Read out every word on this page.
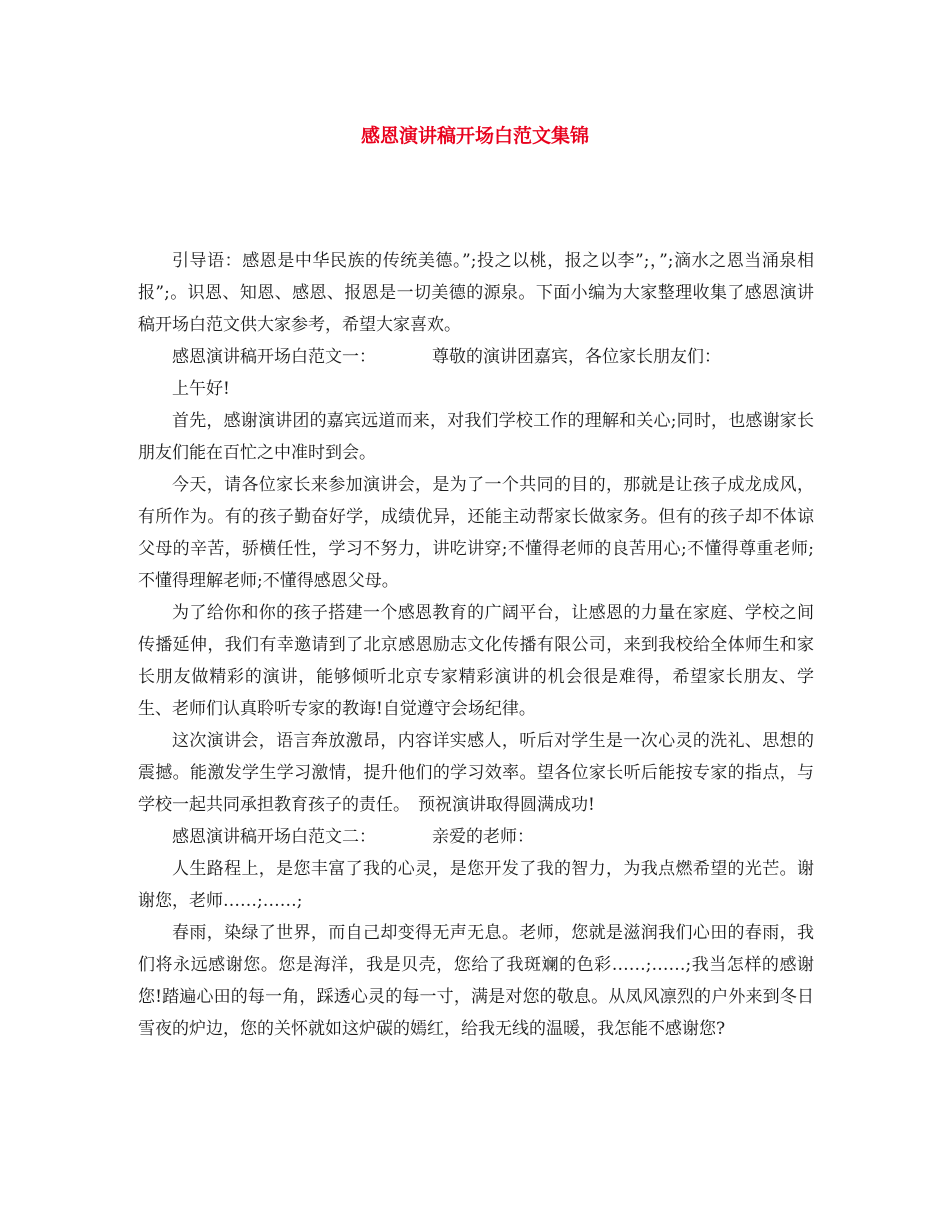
感恩演讲稿开场白范文集锦

引导语：感恩是中华民族的传统美德。”;投之以桃，报之以李”;，”;滴水之恩当涌泉相报”;。识恩、知恩、感恩、报恩是一切美德的源泉。下面小编为大家整理收集了感恩演讲稿开场白范文供大家参考，希望大家喜欢。

感恩演讲稿开场白范文一：	尊敬的演讲团嘉宾，各位家长朋友们：

上午好!

首先，感谢演讲团的嘉宾远道而来，对我们学校工作的理解和关心;同时，也感谢家长朋友们能在百忙之中准时到会。

今天，请各位家长来参加演讲会，是为了一个共同的目的，那就是让孩子成龙成风，有所作为。有的孩子勤奋好学，成绩优异，还能主动帮家长做家务。但有的孩子却不体谅父母的辛苦，骄横任性，学习不努力，讲吃讲穿;不懂得老师的良苦用心;不懂得尊重老师;不懂得理解老师;不懂得感恩父母。

为了给你和你的孩子搭建一个感恩教育的广阔平台，让感恩的力量在家庭、学校之间传播延伸，我们有幸邀请到了北京感恩励志文化传播有限公司，来到我校给全体师生和家长朋友做精彩的演讲，能够倾听北京专家精彩演讲的机会很是难得，希望家长朋友、学生、老师们认真聆听专家的教诲!自觉遵守会场纪律。

这次演讲会，语言奔放激昂，内容详实感人，听后对学生是一次心灵的洗礼、思想的震撼。能激发学生学习激情，提升他们的学习效率。望各位家长听后能按专家的指点，与学校一起共同承担教育孩子的责任。 预祝演讲取得圆满成功!

感恩演讲稿开场白范文二：	亲爱的老师：

人生路程上，是您丰富了我的心灵，是您开发了我的智力，为我点燃希望的光芒。谢谢您，老师……;……;

春雨，染绿了世界，而自己却变得无声无息。老师，您就是滋润我们心田的春雨，我们将永远感谢您。您是海洋，我是贝壳，您给了我斑斓的色彩……;……;我当怎样的感谢您!踏遍心田的每一角，踩透心灵的每一寸，满是对您的敬息。从凤风凛烈的户外来到冬日雪夜的炉边，您的关怀就如这炉碳的嫣红，给我无线的温暖，我怎能不感谢您?
